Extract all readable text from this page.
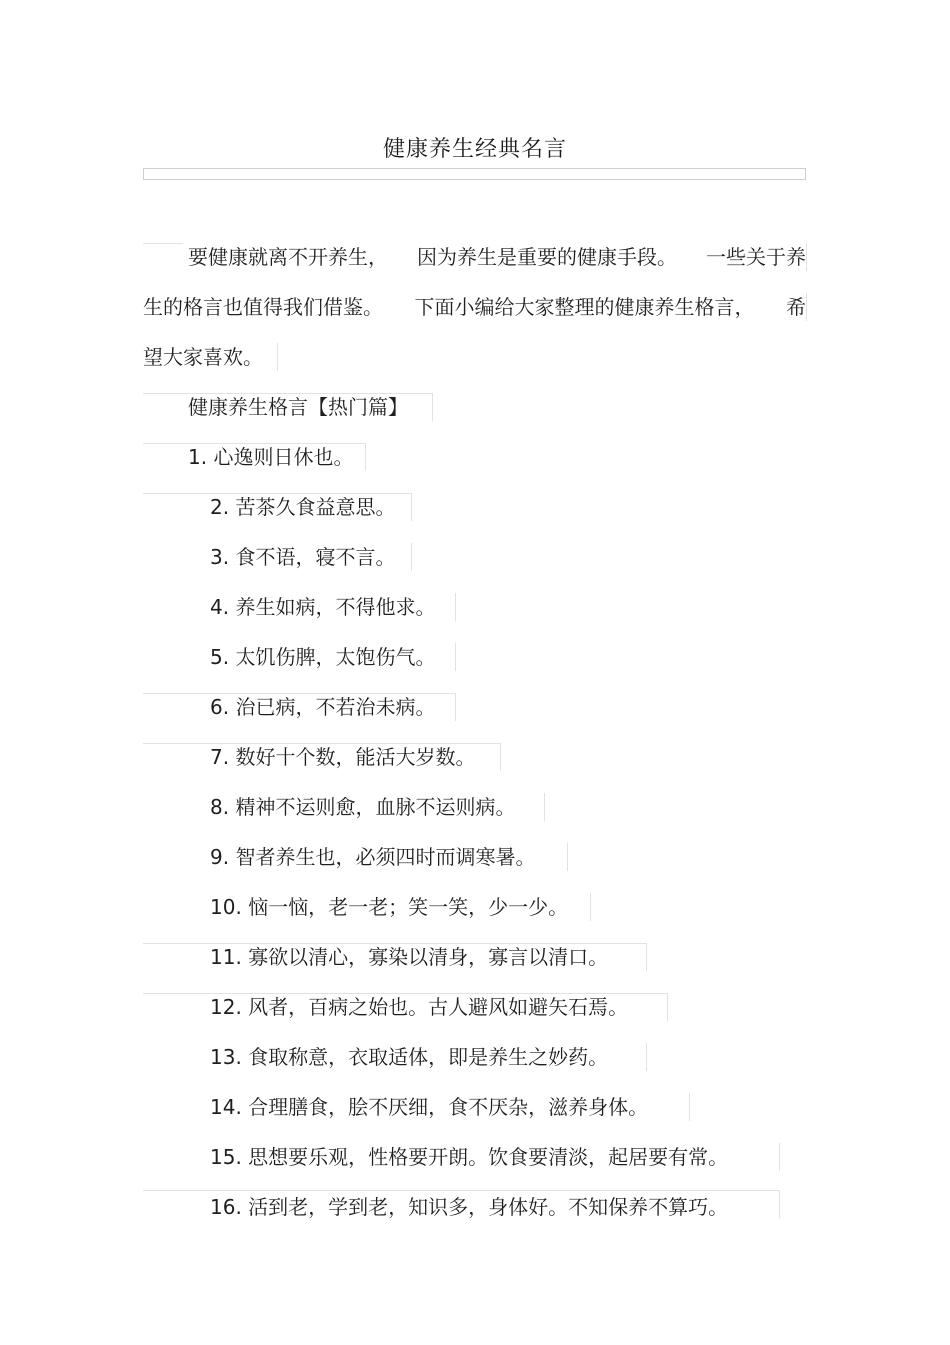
健康养生经典名言
要健康就离不开养生， 因为养生是重要的健康手段。 一些关于养
生的格言也值得我们借鉴。 下面小编给大家整理的健康养生格言， 希
望大家喜欢。
健康养生格言【热门篇】
1. 心逸则日休也。
2. 苦茶久食益意思。
3. 食不语，寝不言。
4. 养生如病，不得他求。
5. 太饥伤脾，太饱伤气。
6. 治已病，不若治未病。
7. 数好十个数，能活大岁数。
8. 精神不运则愈，血脉不运则病。
9. 智者养生也，必须四时而调寒暑。
10. 恼一恼，老一老；笑一笑，少一少。
11. 寡欲以清心，寡染以清身，寡言以清口。
12. 风者，百病之始也。古人避风如避矢石焉。
13. 食取称意，衣取适体，即是养生之妙药。
14. 合理膳食，脍不厌细，食不厌杂，滋养身体。
15. 思想要乐观，性格要开朗。饮食要清淡，起居要有常。
16. 活到老，学到老，知识多，身体好。不知保养不算巧。
